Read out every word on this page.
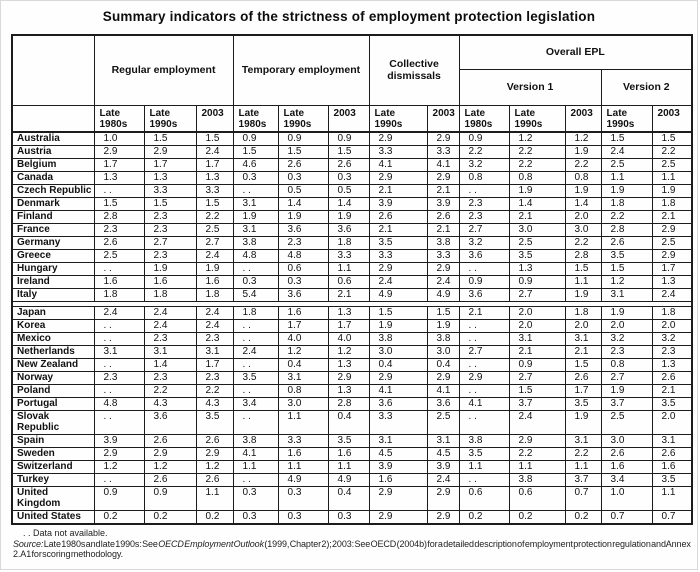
Summary indicators of the strictness of employment protection legislation
	Regular employment			Temporary employment			Collective dismissals		Overall EPL				
									Version 1			Version 2	
	Late 1980s	Late 1990s	2003	Late 1980s	Late 1990s	2003	Late 1990s	2003	Late 1980s	Late 1990s	2003	Late 1990s	2003
Australia	1.0	1.5	1.5	0.9	0.9	0.9	2.9	2.9	0.9	1.2	1.2	1.5	1.5
Austria	2.9	2.9	2.4	1.5	1.5	1.5	3.3	3.3	2.2	2.2	1.9	2.4	2.2
Belgium	1.7	1.7	1.7	4.6	2.6	2.6	4.1	4.1	3.2	2.2	2.2	2.5	2.5
Canada	1.3	1.3	1.3	0.3	0.3	0.3	2.9	2.9	0.8	0.8	0.8	1.1	1.1
Czech Republic	. .	3.3	3.3	. .	0.5	0.5	2.1	2.1	. .	1.9	1.9	1.9	1.9
Denmark	1.5	1.5	1.5	3.1	1.4	1.4	3.9	3.9	2.3	1.4	1.4	1.8	1.8
Finland	2.8	2.3	2.2	1.9	1.9	1.9	2.6	2.6	2.3	2.1	2.0	2.2	2.1
France	2.3	2.3	2.5	3.1	3.6	3.6	2.1	2.1	2.7	3.0	3.0	2.8	2.9
Germany	2.6	2.7	2.7	3.8	2.3	1.8	3.5	3.8	3.2	2.5	2.2	2.6	2.5
Greece	2.5	2.3	2.4	4.8	4.8	3.3	3.3	3.3	3.6	3.5	2.8	3.5	2.9
Hungary	. .	1.9	1.9	. .	0.6	1.1	2.9	2.9	. .	1.3	1.5	1.5	1.7
Ireland	1.6	1.6	1.6	0.3	0.3	0.6	2.4	2.4	0.9	0.9	1.1	1.2	1.3
Italy	1.8	1.8	1.8	5.4	3.6	2.1	4.9	4.9	3.6	2.7	1.9	3.1	2.4

Japan	2.4	2.4	2.4	1.8	1.6	1.3	1.5	1.5	2.1	2.0	1.8	1.9	1.8
Korea	. .	2.4	2.4	. .	1.7	1.7	1.9	1.9	. .	2.0	2.0	2.0	2.0
Mexico	. .	2.3	2.3	. .	4.0	4.0	3.8	3.8	. .	3.1	3.1	3.2	3.2
Netherlands	3.1	3.1	3.1	2.4	1.2	1.2	3.0	3.0	2.7	2.1	2.1	2.3	2.3
New Zealand	. .	1.4	1.7	. .	0.4	1.3	0.4	0.4	. .	0.9	1.5	0.8	1.3
Norway	2.3	2.3	2.3	3.5	3.1	2.9	2.9	2.9	2.9	2.7	2.6	2.7	2.6
Poland	. .	2.2	2.2	. .	0.8	1.3	4.1	4.1	. .	1.5	1.7	1.9	2.1
Portugal	4.8	4.3	4.3	3.4	3.0	2.8	3.6	3.6	4.1	3.7	3.5	3.7	3.5
Slovak Republic	. .	3.6	3.5	. .	1.1	0.4	3.3	2.5	. .	2.4	1.9	2.5	2.0
Spain	3.9	2.6	2.6	3.8	3.3	3.5	3.1	3.1	3.8	2.9	3.1	3.0	3.1
Sweden	2.9	2.9	2.9	4.1	1.6	1.6	4.5	4.5	3.5	2.2	2.2	2.6	2.6
Switzerland	1.2	1.2	1.2	1.1	1.1	1.1	3.9	3.9	1.1	1.1	1.1	1.6	1.6
Turkey	. .	2.6	2.6	. .	4.9	4.9	1.6	2.4	. .	3.8	3.7	3.4	3.5
United Kingdom	0.9	0.9	1.1	0.3	0.3	0.4	2.9	2.9	0.6	0.6	0.7	1.0	1.1
United States	0.2	0.2	0.2	0.3	0.3	0.3	2.9	2.9	0.2	0.2	0.2	0.7	0.7
. . Data not available.
Source: Late 1980s and late 1990s: See OECD Employment Outlook (1999, Chapter 2); 2003: See OECD (2004b) for a detailed description of employment protection regulation and Annex 2.A1 for scoring methodology.
